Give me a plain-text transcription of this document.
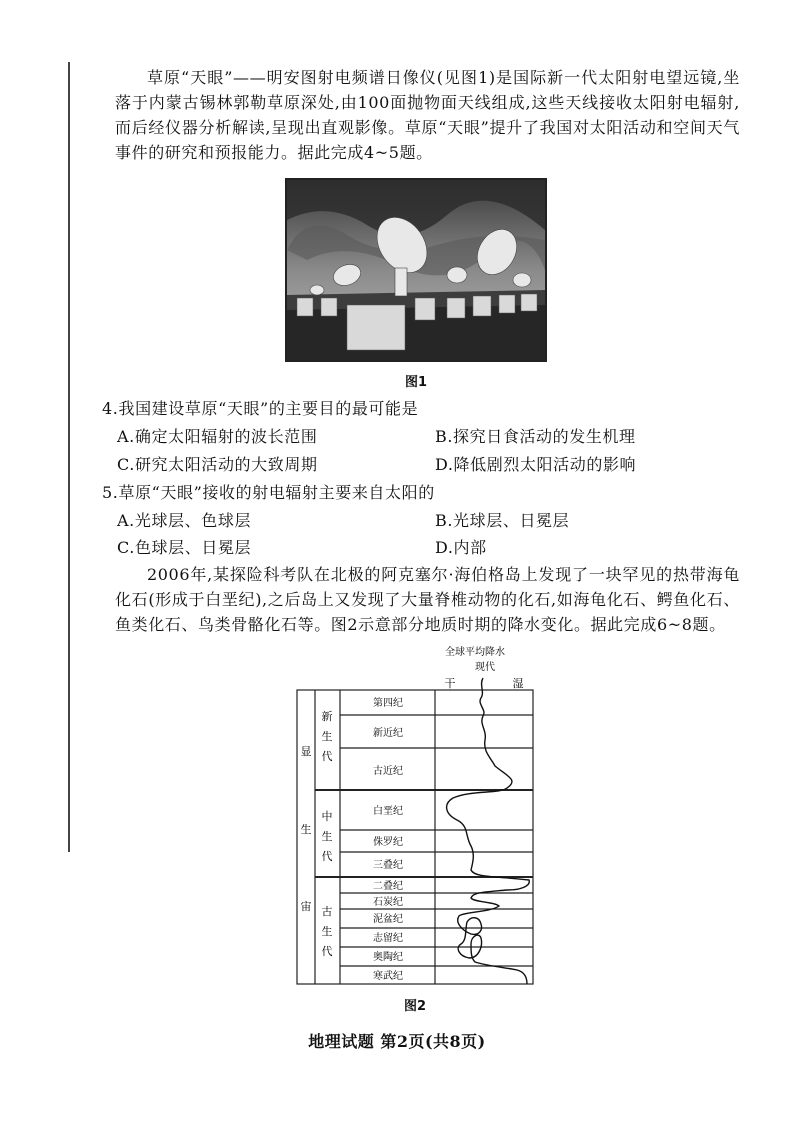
草原“天眼”——明安图射电频谱日像仪(见图1)是国际新一代太阳射电望远镜,坐落于内蒙古锡林郭勒草原深处,由100面抛物面天线组成,这些天线接收太阳射电辐射,而后经仪器分析解读,呈现出直观影像。草原“天眼”提升了我国对太阳活动和空间天气事件的研究和预报能力。据此完成4~5题。

图1
4.我国建设草原“天眼”的主要目的最可能是
A.确定太阳辐射的波长范围	B.探究日食活动的发生机理
C.研究太阳活动的大致周期	D.降低剧烈太阳活动的影响
5.草原“天眼”接收的射电辐射主要来自太阳的
A.光球层、色球层	B.光球层、日冕层
C.色球层、日冕层	D.内部

2006年,某探险科考队在北极的阿克塞尔·海伯格岛上发现了一块罕见的热带海龟化石(形成于白垩纪),之后岛上又发现了大量脊椎动物的化石,如海龟化石、鳄鱼化石、鱼类化石、鸟类骨骼化石等。图2示意部分地质时期的降水变化。据此完成6~8题。

全球平均降水
现代
干	湿
显
生
宙
新
生
代
中
生
代
古
生
代
第四纪
新近纪
古近纪
白垩纪
侏罗纪
三叠纪
二叠纪
石炭纪
泥盆纪
志留纪
奥陶纪
寒武纪
图2
地理试题 第2页(共8页)
